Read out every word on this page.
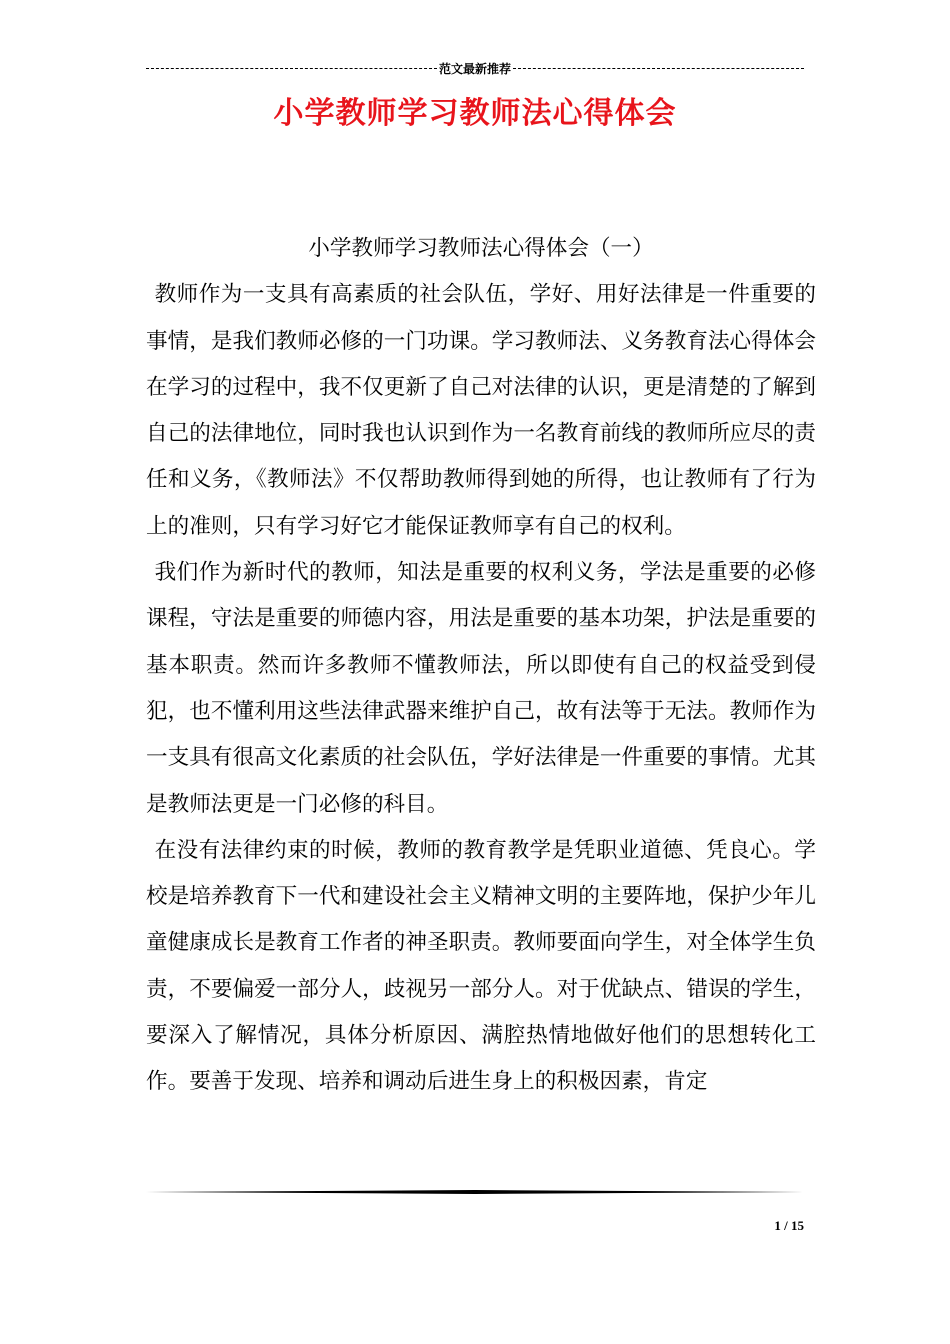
范文最新推荐
小学教师学习教师法心得体会

小学教师学习教师法心得体会（一）

教师作为一支具有高素质的社会队伍，学好、用好法律是一件重要的事情，是我们教师必修的一门功课。学习教师法、义务教育法心得体会在学习的过程中，我不仅更新了自己对法律的认识，更是清楚的了解到自己的法律地位，同时我也认识到作为一名教育前线的教师所应尽的责任和义务，《教师法》不仅帮助教师得到她的所得，也让教师有了行为上的准则，只有学习好它才能保证教师享有自己的权利。

我们作为新时代的教师，知法是重要的权利义务，学法是重要的必修课程，守法是重要的师德内容，用法是重要的基本功架，护法是重要的基本职责。然而许多教师不懂教师法，所以即使有自己的权益受到侵犯，也不懂利用这些法律武器来维护自己，故有法等于无法。教师作为一支具有很高文化素质的社会队伍，学好法律是一件重要的事情。尤其是教师法更是一门必修的科目。

在没有法律约束的时候，教师的教育教学是凭职业道德、凭良心。学校是培养教育下一代和建设社会主义精神文明的主要阵地，保护少年儿童健康成长是教育工作者的神圣职责。教师要面向学生，对全体学生负责，不要偏爱一部分人，歧视另一部分人。对于优缺点、错误的学生，要深入了解情况，具体分析原因、满腔热情地做好他们的思想转化工作。要善于发现、培养和调动后进生身上的积极因素，肯定

1 / 15
